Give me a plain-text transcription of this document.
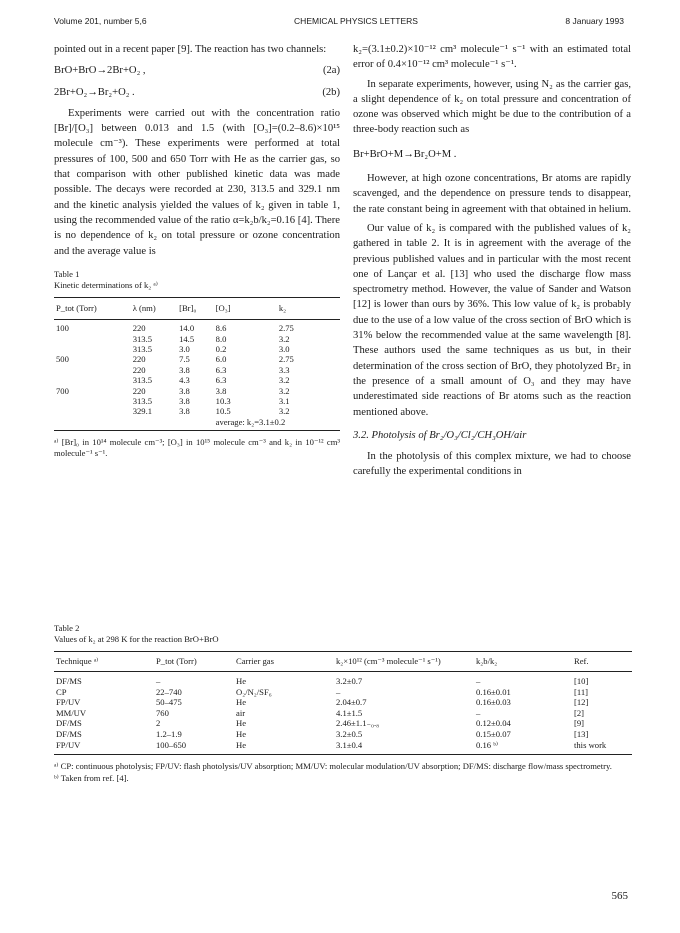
Volume 201, number 5,6	CHEMICAL PHYSICS LETTERS	8 January 1993

pointed out in a recent paper [9]. The reaction has two channels:

BrO+BrO→2Br+O₂ ,	(2a)
2Br+O₂→Br₂+O₂ .	(2b)

Experiments were carried out with the concentration ratio [Br]/[O₃] between 0.013 and 1.5 (with [O₃]=(0.2–8.6)×10¹⁵ molecule cm⁻³). These experiments were performed at total pressures of 100, 500 and 650 Torr with He as the carrier gas, so that comparison with other published kinetic data was made possible. The decays were recorded at 230, 313.5 and 329.1 nm and the kinetic analysis yielded the values of k₂ given in table 1, using the recommended value of the ratio α=k₂b/k₂=0.16 [4]. There is no dependence of k₂ on total pressure or ozone concentration and the average value is

Table 1
Kinetic determinations of k₂ ᵃ⁾
P_tot (Torr)	λ (nm)	[Br]₀	[O₃]	k₂
100	220	14.0	8.6	2.75
	313.5	14.5	8.0	3.2
	313.5	3.0	0.2	3.0
500	220	7.5	6.0	2.75
	220	3.8	6.3	3.3
	313.5	4.3	6.3	3.2
700	220	3.8	3.8	3.2
	313.5	3.8	10.3	3.1
	329.1	3.8	10.5	3.2
			average: k₂=3.1±0.2	
ᵃ⁾ [Br]₀ in 10¹⁴ molecule cm⁻³; [O₃] in 10¹⁵ molecule cm⁻³ and k₂ in 10⁻¹² cm³ molecule⁻¹ s⁻¹.

k₂=(3.1±0.2)×10⁻¹² cm³ molecule⁻¹ s⁻¹ with an estimated total error of 0.4×10⁻¹² cm³ molecule⁻¹ s⁻¹.

In separate experiments, however, using N₂ as the carrier gas, a slight dependence of k₂ on total pressure and concentration of ozone was observed which might be due to the contribution of a three-body reaction such as

Br+BrO+M→Br₂O+M .

However, at high ozone concentrations, Br atoms are rapidly scavenged, and the dependence on pressure tends to disappear, the rate constant being in agreement with that obtained in helium.

Our value of k₂ is compared with the published values of k₂ gathered in table 2. It is in agreement with the average of the previous published values and in particular with the most recent one of Lançar et al. [13] who used the discharge flow mass spectrometry method. However, the value of Sander and Watson [12] is lower than ours by 36%. This low value of k₂ is probably due to the use of a low value of the cross section of BrO which is 31% below the recommended value at the same wavelength [8]. These authors used the same techniques as us but, in their determination of the cross section of BrO, they photolyzed Br₂ in the presence of a small amount of O₃ and they may have underestimated side reactions of Br atoms such as the reaction mentioned above.

3.2. Photolysis of Br₂/O₃/Cl₂/CH₃OH/air

In the photolysis of this complex mixture, we had to choose carefully the experimental conditions in

Table 2
Values of k₂ at 298 K for the reaction BrO+BrO
Technique ᵃ⁾	P_tot (Torr)	Carrier gas	k₂×10¹² (cm⁻³ molecule⁻¹ s⁻¹)	k₂b/k₂	Ref.
DF/MS	–	He	3.2±0.7	–	[10]
CP	22–740	O₂/N₂/SF₆	–	0.16±0.01	[11]
FP/UV	50–475	He	2.04±0.7	0.16±0.03	[12]
MM/UV	760	air	4.1±1.5	–	[2]
DF/MS	2	He	2.46±1.1₋₀.₈	0.12±0.04	[9]
DF/MS	1.2–1.9	He	3.2±0.5	0.15±0.07	[13]
FP/UV	100–650	He	3.1±0.4	0.16 ᵇ⁾	this work
ᵃ⁾ CP: continuous photolysis; FP/UV: flash photolysis/UV absorption; MM/UV: molecular modulation/UV absorption; DF/MS: discharge flow/mass spectrometry.
ᵇ⁾ Taken from ref. [4].
565
